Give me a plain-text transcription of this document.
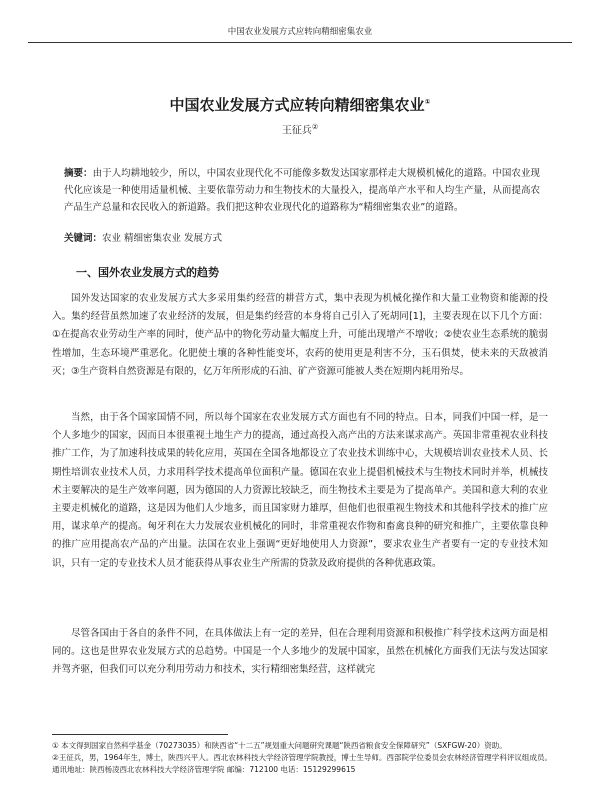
中国农业发展方式应转向精细密集农业
中国农业发展方式应转向精细密集农业①
王征兵②
摘要：由于人均耕地较少，所以，中国农业现代化不可能像多数发达国家那样走大规模机械化的道路。中国农业现代化应该是一种使用适量机械、主要依靠劳动力和生物技术的大量投入，提高单产水平和人均生产量，从而提高农产品生产总量和农民收入的新道路。我们把这种农业现代化的道路称为“精细密集农业”的道路。
关键词：农业 精细密集农业 发展方式
一、国外农业发展方式的趋势

国外发达国家的农业发展方式大多采用集约经营的耕营方式，集中表现为机械化操作和大量工业物资和能源的投入。集约经营虽然加速了农业经济的发展，但是集约经营的本身将自己引入了死胡同[1]，主要表现在以下几个方面：①在提高农业劳动生产率的同时，使产品中的物化劳动量大幅度上升，可能出现增产不增收；②使农业生态系统的脆弱性增加，生态环境严重恶化。化肥使土壤的各种性能变坏，农药的使用更是利害不分，玉石俱焚，使未来的天敌被消灭；③生产资料自然资源是有限的，亿万年所形成的石油、矿产资源可能被人类在短期内耗用殆尽。

当然，由于各个国家国情不同，所以每个国家在农业发展方式方面也有不同的特点。日本，同我们中国一样，是一个人多地少的国家，因而日本很重视土地生产力的提高，通过高投入高产出的方法来谋求高产。英国非常重视农业科技推广工作，为了加速科技成果的转化应用，英国在全国各地都设立了农业技术训练中心，大规模培训农业技术人员、长期性培训农业技术人员，力求用科学技术提高单位面积产量。德国在农业上提倡机械技术与生物技术同时并举，机械技术主要解决的是生产效率问题，因为德国的人力资源比较缺乏，而生物技术主要是为了提高单产。美国和意大利的农业主要走机械化的道路，这是因为他们人少地多，而且国家财力雄厚，但他们也很重视生物技术和其他科学技术的推广应用，谋求单产的提高。匈牙利在大力发展农业机械化的同时，非常重视农作物和畜禽良种的研究和推广，主要依靠良种的推广应用提高农产品的产出量。法国在农业上强调“更好地使用人力资源”，要求农业生产者要有一定的专业技术知识，只有一定的专业技术人员才能获得从事农业生产所需的贷款及政府提供的各种优惠政策。

尽管各国由于各自的条件不同，在具体做法上有一定的差异，但在合理利用资源和积极推广科学技术这两方面是相同的。这也是世界农业发展方式的总趋势。中国是一个人多地少的发展中国家，虽然在机械化方面我们无法与发达国家并驾齐驱，但我们可以充分利用劳动力和技术，实行精细密集经营，这样就完

① 本文得到国家自然科学基金（70273035）和陕西省“十二五”规划重大问题研究课题“陕西省粮食安全保障研究”（SXFGW-20）资助。

②王征兵，男，1964年生，博士，陕西兴平人。西北农林科技大学经济管理学院教授，博士生导师。西部院学位委员会农林经济管理学科评议组成员。通讯地址：陕西杨凌西北农林科技大学经济管理学院 邮编：712100 电话：15129299615
